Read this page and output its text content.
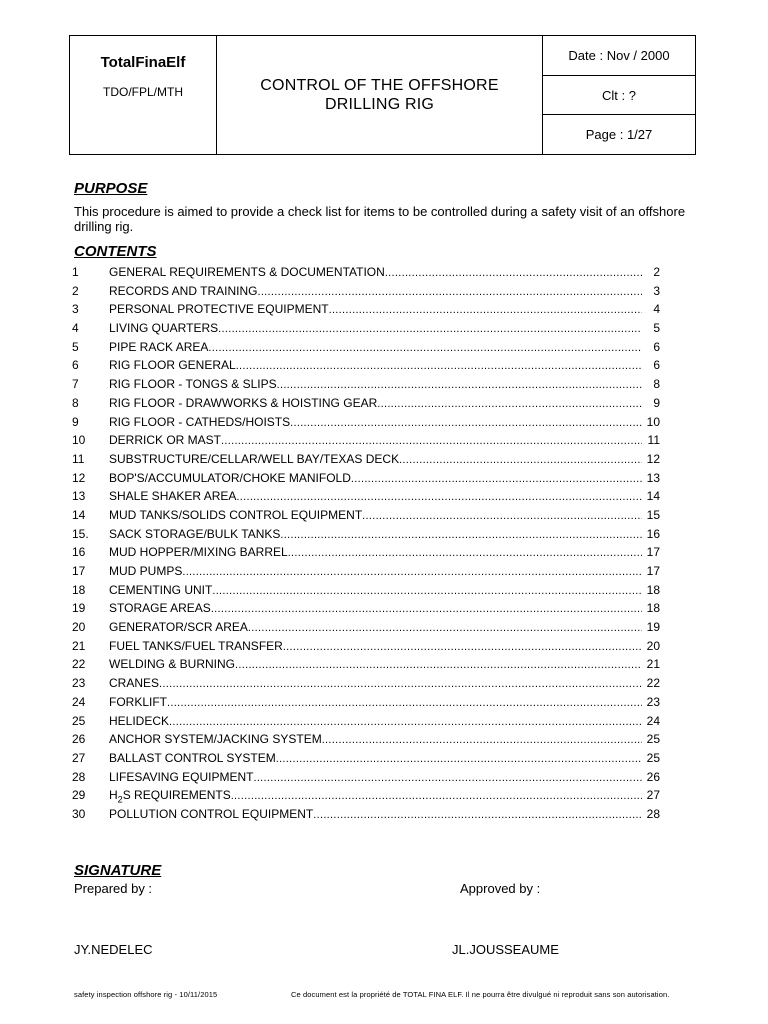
TotalFinaElf
TDO/FPL/MTH	CONTROL OF THE OFFSHORE
DRILLING RIG
Date : Nov / 2000
Clt : ?
Page : 1/27
PURPOSE
This procedure is aimed to provide a check list for items to be controlled during a safety visit of an offshore drilling rig.
CONTENTS
1	GENERAL REQUIREMENTS & DOCUMENTATION .....	2
2	RECORDS AND TRAINING .....	3
3	PERSONAL PROTECTIVE EQUIPMENT .....	4
4	LIVING QUARTERS .....	5
5	PIPE RACK AREA .....	6
6	RIG FLOOR GENERAL .....	6
7	RIG FLOOR - TONGS & SLIPS .....	8
8	RIG FLOOR - DRAWWORKS & HOISTING GEAR .....	9
9	RIG FLOOR - CATHEDS/HOISTS .....	10
10	DERRICK OR MAST .....	11
11	SUBSTRUCTURE/CELLAR/WELL BAY/TEXAS DECK .....	12
12	BOP'S/ACCUMULATOR/CHOKE MANIFOLD .....	13
13	SHALE SHAKER AREA .....	14
14	MUD TANKS/SOLIDS CONTROL EQUIPMENT .....	15
15.	SACK STORAGE/BULK TANKS .....	16
16	MUD HOPPER/MIXING BARREL .....	17
17	MUD PUMPS .....	17
18	CEMENTING UNIT .....	18
19	STORAGE AREAS .....	18
20	GENERATOR/SCR AREA .....	19
21	FUEL TANKS/FUEL TRANSFER .....	20
22	WELDING & BURNING .....	21
23	CRANES .....	22
24	FORKLIFT .....	23
25	HELIDECK .....	24
26	ANCHOR SYSTEM/JACKING SYSTEM .....	25
27	BALLAST CONTROL SYSTEM .....	25
28	LIFESAVING EQUIPMENT .....	26
29	$H_2S$ REQUIREMENTS .....	27
30	POLLUTION CONTROL EQUIPMENT .....	28
SIGNATURE
Prepared by :	Approved by :
JY.NEDELEC	JL.JOUSSEAUME
safety inspection offshore rig - 10/11/2015	Ce document est la propriété de TOTAL FINA ELF. Il ne pourra être divulgué ni reproduit sans son autorisation.
